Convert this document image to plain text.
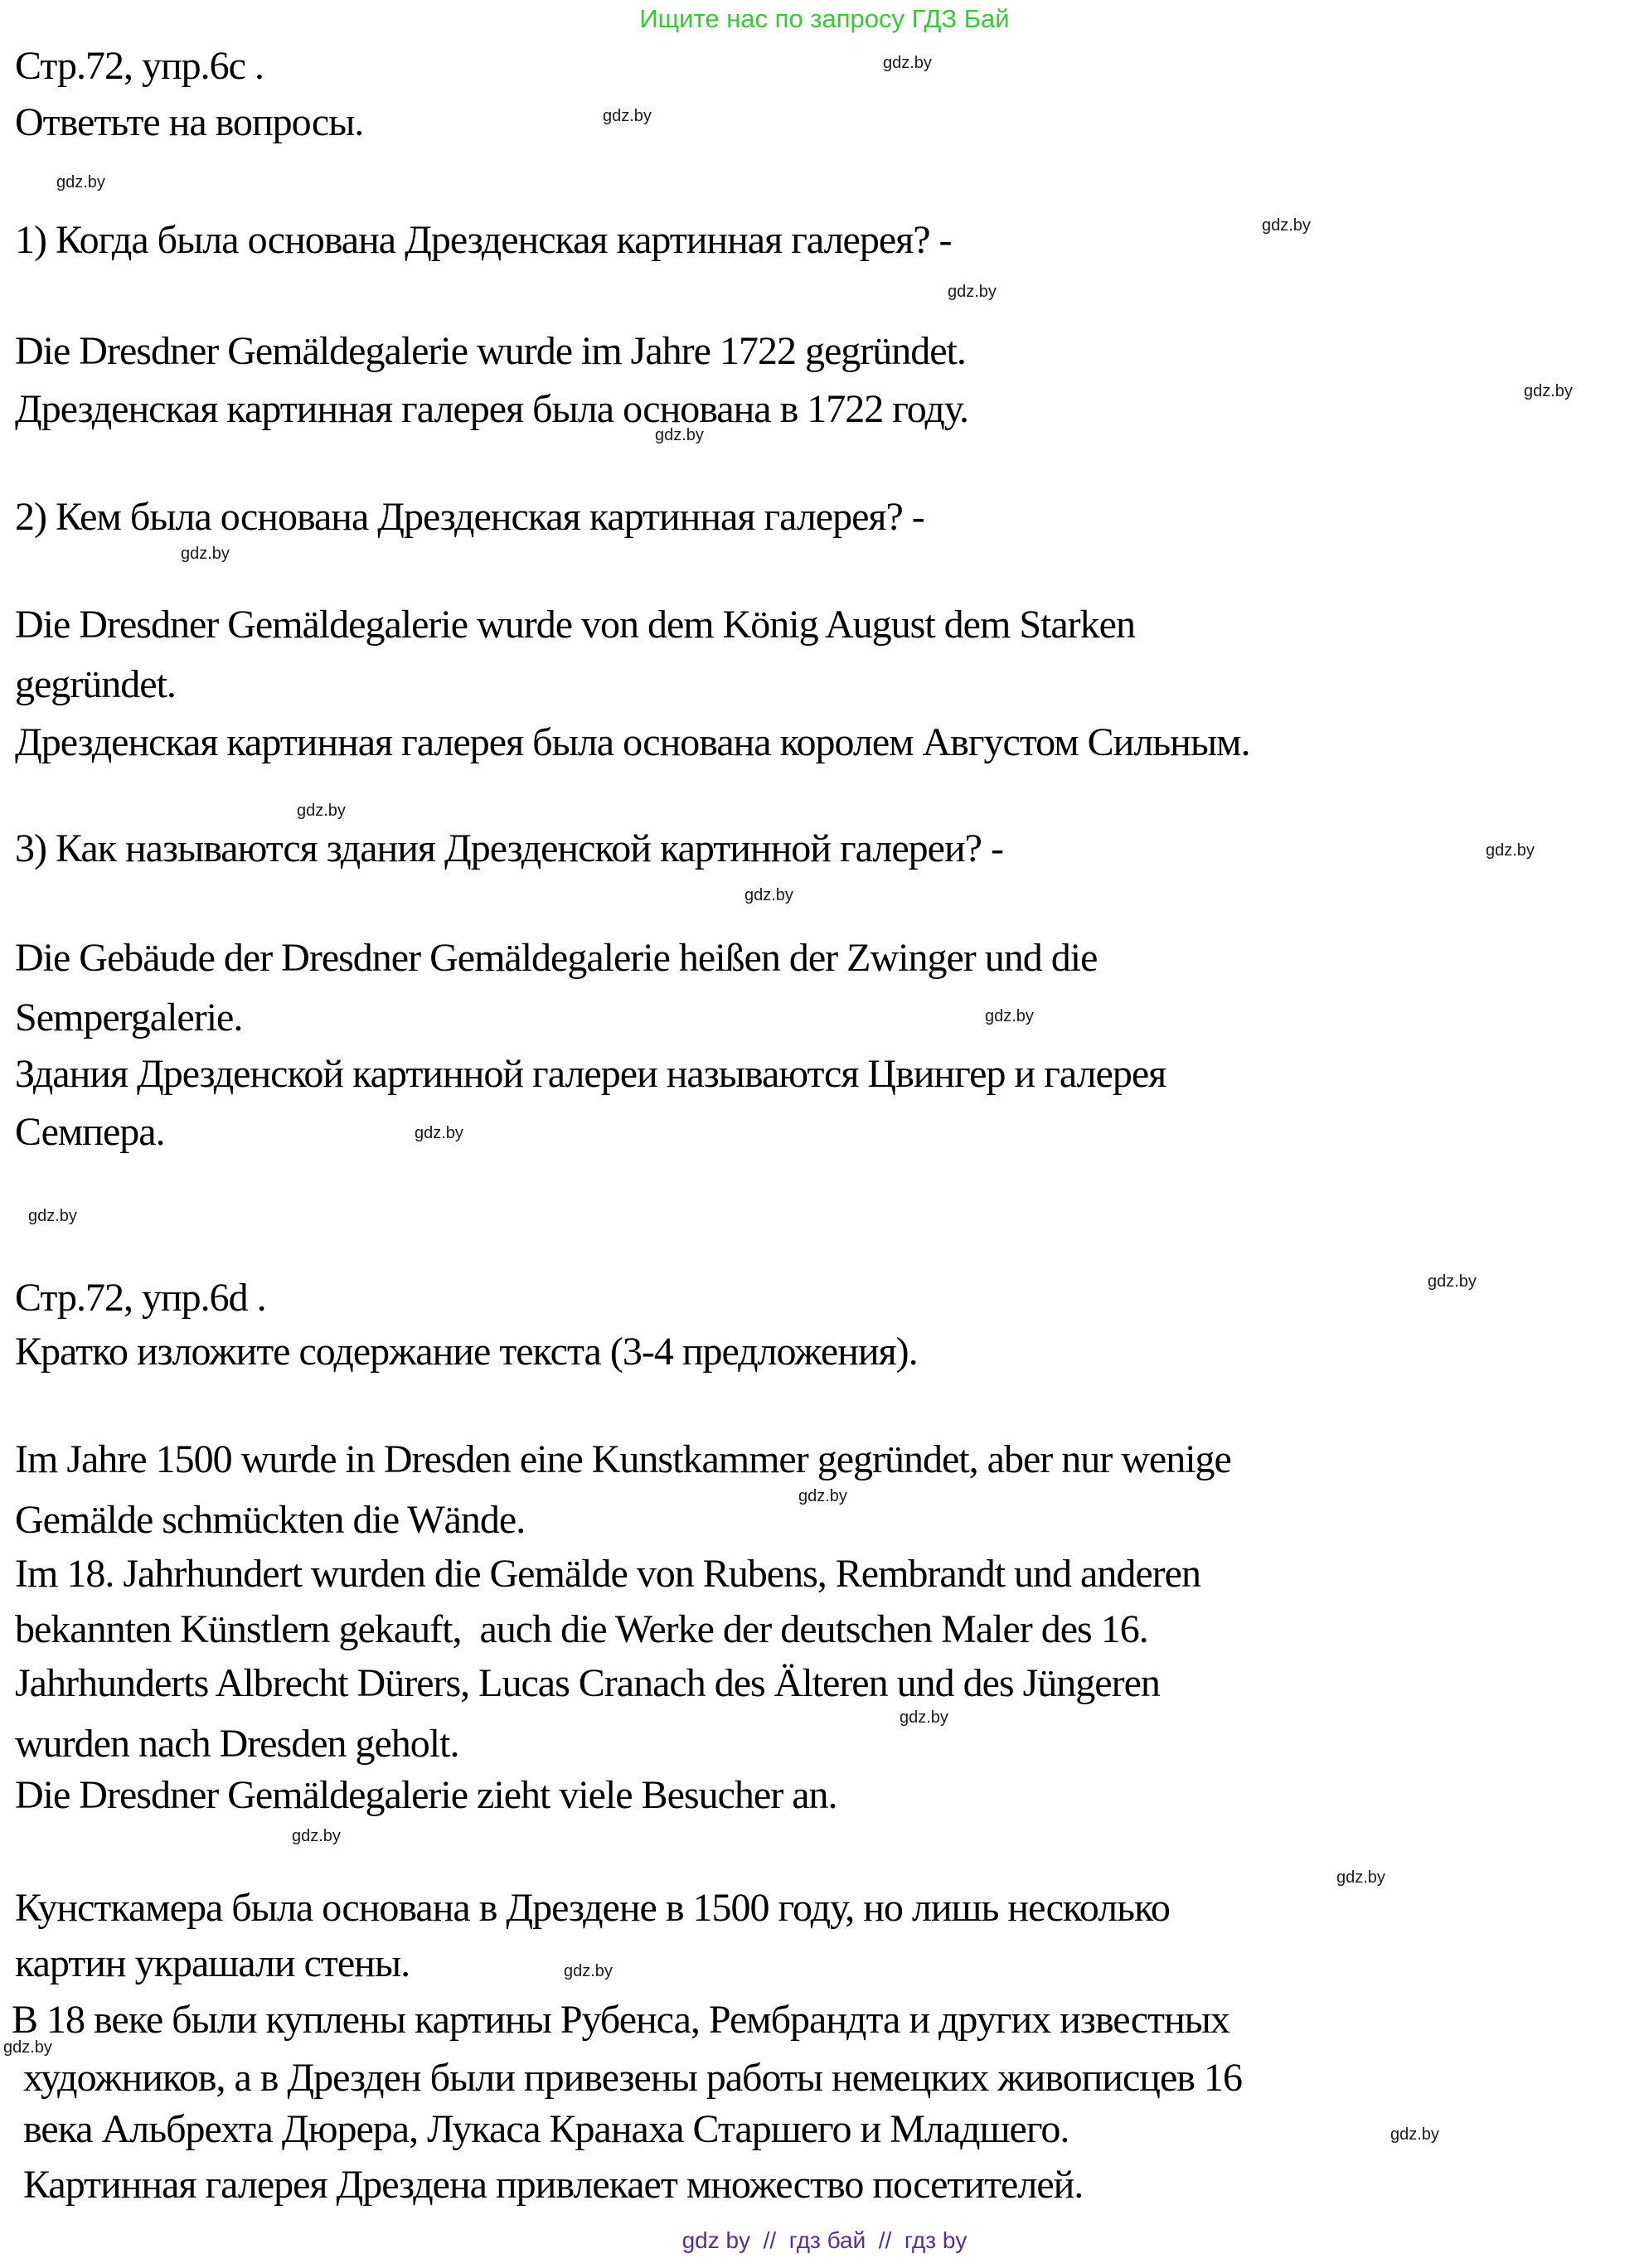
Ищите нас по запросу ГДЗ Бай
Стр.72, упр.6c .
Ответьте на вопросы.
1) Когда была основана Дрезденская картинная галерея? -
Die Dresdner Gemäldegalerie wurde im Jahre 1722 gegründet.
Дрезденская картинная галерея была основана в 1722 году.
2) Кем была основана Дрезденская картинная галерея? -
Die Dresdner Gemäldegalerie wurde von dem König August dem Starken
gegründet.
Дрезденская картинная галерея была основана королем Августом Сильным.
3) Как называются здания Дрезденской картинной галереи? -
Die Gebäude der Dresdner Gemäldegalerie heißen der Zwinger und die
Sempergalerie.
Здания Дрезденской картинной галереи называются Цвингер и галерея
Семпера.
Стр.72, упр.6d .
Кратко изложите содержание текста (3-4 предложения).
Im Jahre 1500 wurde in Dresden eine Kunstkammer gegründet, aber nur wenige
Gemälde schmückten die Wände.
Im 18. Jahrhundert wurden die Gemälde von Rubens, Rembrandt und anderen
bekannten Künstlern gekauft,  auch die Werke der deutschen Maler des 16.
Jahrhunderts Albrecht Dürers, Lucas Cranach des Älteren und des Jüngeren
wurden nach Dresden geholt.
Die Dresdner Gemäldegalerie zieht viele Besucher an.
Кунсткамера была основана в Дрездене в 1500 году, но лишь несколько
картин украшали стены.
В 18 веке были куплены картины Рубенса, Рембрандта и других известных
художников, а в Дрезден были привезены работы немецких живописцев 16
века Альбрехта Дюрера, Лукаса Кранаха Старшего и Младшего.
Картинная галерея Дрездена привлекает множество посетителей.
gdz.by
gdz.by
gdz.by
gdz.by
gdz.by
gdz.by
gdz.by
gdz.by
gdz.by
gdz.by
gdz.by
gdz.by
gdz.by
gdz.by
gdz.by
gdz.by
gdz.by
gdz.by
gdz.by
gdz.by
gdz.by
gdz.by
gdz by  //  гдз бай  //  гдз by
